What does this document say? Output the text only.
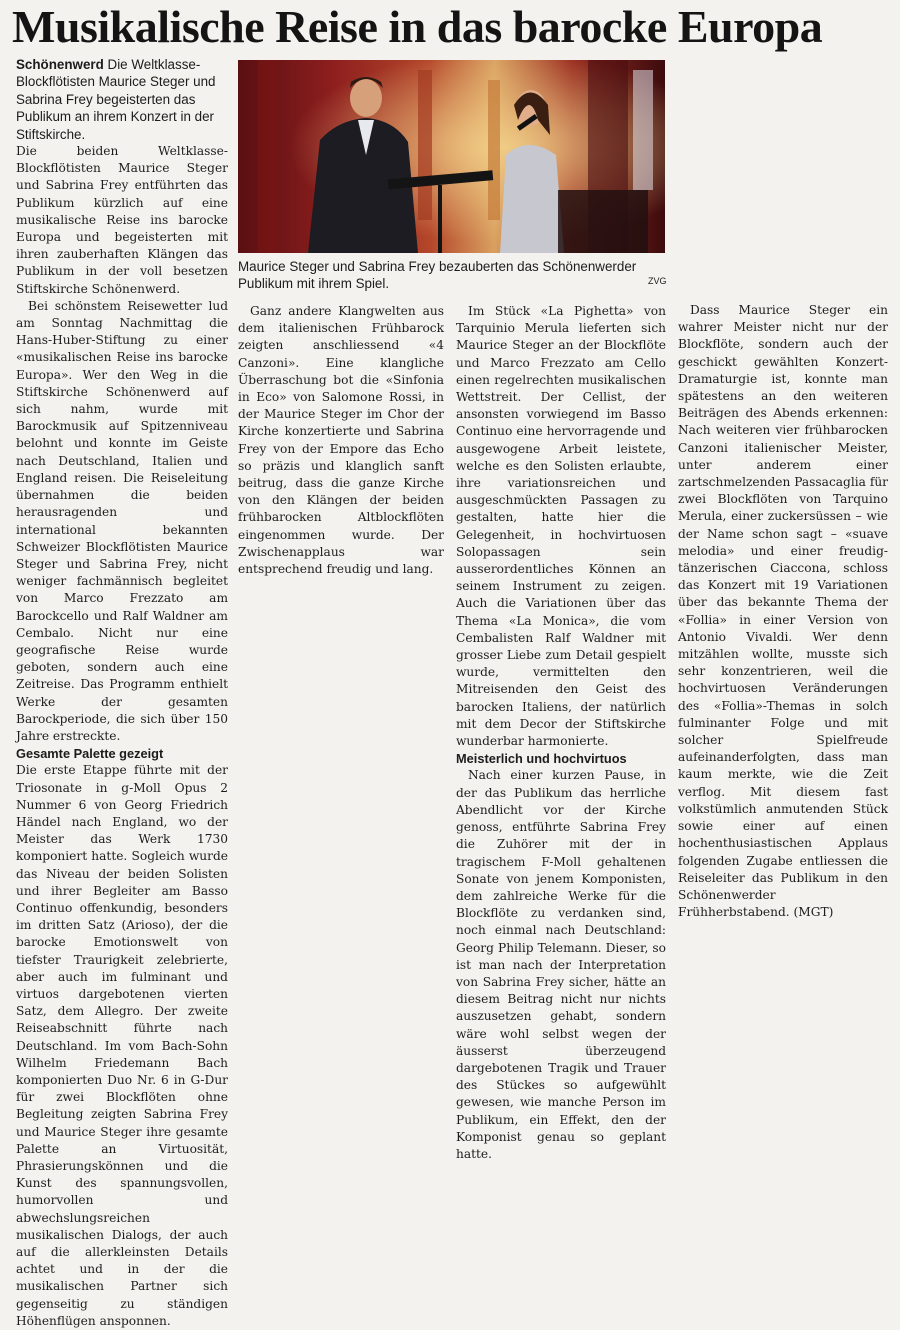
Musikalische Reise in das barocke Europa

Schönenwerd Die Weltklasse-Blockflötisten Maurice Steger und Sabrina Frey begeisterten das Publikum an ihrem Konzert in der Stiftskirche.

Die beiden Weltklasse-Blockflötisten Maurice Steger und Sabrina Frey entführten das Publikum kürzlich auf eine musikalische Reise ins barocke Europa und begeisterten mit ihren zauberhaften Klängen das Publikum in der voll besetzen Stiftskirche Schönenwerd.

Bei schönstem Reisewetter lud am Sonntag Nachmittag die Hans-Huber-Stiftung zu einer «musikalischen Reise ins barocke Europa». Wer den Weg in die Stiftskirche Schönenwerd auf sich nahm, wurde mit Barockmusik auf Spitzenniveau belohnt und konnte im Geiste nach Deutschland, Italien und England reisen. Die Reiseleitung übernahmen die beiden herausragenden und international bekannten Schweizer Blockflötisten Maurice Steger und Sabrina Frey, nicht weniger fachmännisch begleitet von Marco Frezzato am Barockcello und Ralf Waldner am Cembalo. Nicht nur eine geografische Reise wurde geboten, sondern auch eine Zeitreise. Das Programm enthielt Werke der gesamten Barockperiode, die sich über 150 Jahre erstreckte.

Gesamte Palette gezeigt

Die erste Etappe führte mit der Triosonate in g-Moll Opus 2 Nummer 6 von Georg Friedrich Händel nach England, wo der Meister das Werk 1730 komponiert hatte. Sogleich wurde das Niveau der beiden Solisten und ihrer Begleiter am Basso Continuo offenkundig, besonders im dritten Satz (Arioso), der die barocke Emotionswelt von tiefster Traurigkeit zelebrierte, aber auch im fulminant und virtuos dargebotenen vierten Satz, dem Allegro. Der zweite Reiseabschnitt führte nach Deutschland. Im vom Bach-Sohn Wilhelm Friedemann Bach komponierten Duo Nr. 6 in G-Dur für zwei Blockflöten ohne Begleitung zeigten Sabrina Frey und Maurice Steger ihre gesamte Palette an Virtuosität, Phrasierungskönnen und die Kunst des spannungsvollen, humorvollen und abwechslungsreichen musikalischen Dialogs, der auch auf die allerkleinsten Details achtet und in der die musikalischen Partner sich gegenseitig zu ständigen Höhenflügen ansponnen.

Maurice Steger und Sabrina Frey bezauberten das Schönenwerder Publikum mit ihrem Spiel.	ZVG

Ganz andere Klangwelten aus dem italienischen Frühbarock zeigten anschliessend «4 Canzoni». Eine klangliche Überraschung bot die «Sinfonia in Eco» von Salomone Rossi, in der Maurice Steger im Chor der Kirche konzertierte und Sabrina Frey von der Empore das Echo so präzis und klanglich sanft beitrug, dass die ganze Kirche von den Klängen der beiden frühbarocken Altblockflöten eingenommen wurde. Der Zwischenapplaus war entsprechend freudig und lang.

Im Stück «La Pighetta» von Tarquinio Merula lieferten sich Maurice Steger an der Blockflöte und Marco Frezzato am Cello einen regelrechten musikalischen Wettstreit. Der Cellist, der ansonsten vorwiegend im Basso Continuo eine hervorragende und ausgewogene Arbeit leistete, welche es den Solisten erlaubte, ihre variationsreichen und ausgeschmückten Passagen zu gestalten, hatte hier die Gelegenheit, in hochvirtuosen Solopassagen sein ausserordentliches Können an seinem Instrument zu zeigen. Auch die Variationen über das Thema «La Monica», die vom Cembalisten Ralf Waldner mit grosser Liebe zum Detail gespielt wurde, vermittelten den Mitreisenden den Geist des barocken Italiens, der natürlich mit dem Decor der Stiftskirche wunderbar harmonierte.

Meisterlich und hochvirtuos

Nach einer kurzen Pause, in der das Publikum das herrliche Abendlicht vor der Kirche genoss, entführte Sabrina Frey die Zuhörer mit der in tragischem F-Moll gehaltenen Sonate von jenem Komponisten, dem zahlreiche Werke für die Blockflöte zu verdanken sind, noch einmal nach Deutschland: Georg Philip Telemann. Dieser, so ist man nach der Interpretation von Sabrina Frey sicher, hätte an diesem Beitrag nicht nur nichts auszusetzen gehabt, sondern wäre wohl selbst wegen der äusserst überzeugend dargebotenen Tragik und Trauer des Stückes so aufgewühlt gewesen, wie manche Person im Publikum, ein Effekt, den der Komponist genau so geplant hatte.

Dass Maurice Steger ein wahrer Meister nicht nur der Blockflöte, sondern auch der geschickt gewählten Konzert-Dramaturgie ist, konnte man spätestens an den weiteren Beiträgen des Abends erkennen: Nach weiteren vier frühbarocken Canzoni italienischer Meister, unter anderem einer zartschmelzenden Passacaglia für zwei Blockflöten von Tarquino Merula, einer zuckersüssen – wie der Name schon sagt – «suave melodia» und einer freudig-tänzerischen Ciaccona, schloss das Konzert mit 19 Variationen über das bekannte Thema der «Follia» in einer Version von Antonio Vivaldi. Wer denn mitzählen wollte, musste sich sehr konzentrieren, weil die hochvirtuosen Veränderungen des «Follia»-Themas in solch fulminanter Folge und mit solcher Spielfreude aufeinanderfolgten, dass man kaum merkte, wie die Zeit verflog. Mit diesem fast volkstümlich anmutenden Stück sowie einer auf einen hochenthusiastischen Applaus folgenden Zugabe entliessen die Reiseleiter das Publikum in den Schönenwerder Frühherbstabend. (MGT)
